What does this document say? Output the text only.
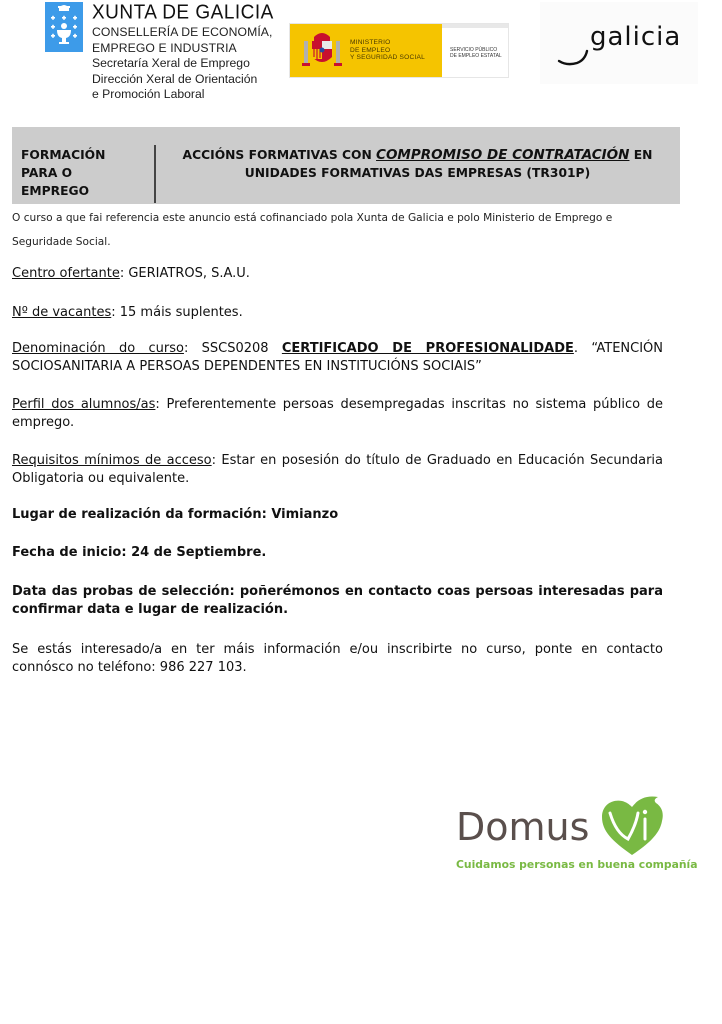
XUNTA DE GALICIA
CONSELLERÍA DE ECONOMÍA,
EMPREGO E INDUSTRIA
Secretaría Xeral de Emprego
Dirección Xeral de Orientación
e Promoción Laboral
MINISTERIO
DE EMPLEO
Y SEGURIDAD SOCIAL
SERVICIO PÚBLICO
DE EMPLEO ESTATAL
galicia
FORMACIÓN
PARA O
EMPREGO
ACCIÓNS FORMATIVAS CON COMPROMISO DE CONTRATACIÓN EN
UNIDADES FORMATIVAS DAS EMPRESAS (TR301P)
O curso a que fai referencia este anuncio está cofinanciado pola Xunta de Galicia e polo Ministerio de Emprego e Seguridade Social.
Centro ofertante: GERIATROS, S.A.U.
Nº de vacantes: 15 máis suplentes.
Denominación do curso: SSCS0208 CERTIFICADO DE PROFESIONALIDADE. “ATENCIÓN SOCIOSANITARIA A PERSOAS DEPENDENTES EN INSTITUCIÓNS SOCIAIS”
Perfil dos alumnos/as: Preferentemente persoas desempregadas inscritas no sistema público de emprego.
Requisitos mínimos de acceso: Estar en posesión do título de Graduado en Educación Secundaria Obligatoria ou equivalente.
Lugar de realización da formación: Vimianzo
Fecha de inicio: 24 de Septiembre.
Data das probas de selección: poñerémonos en contacto coas persoas interesadas para confirmar data e lugar de realización.
Se estás interesado/a en ter máis información e/ou inscribirte no curso, ponte en contacto connósco no teléfono: 986 227 103.
Domus
Cuidamos personas en buena compañía
